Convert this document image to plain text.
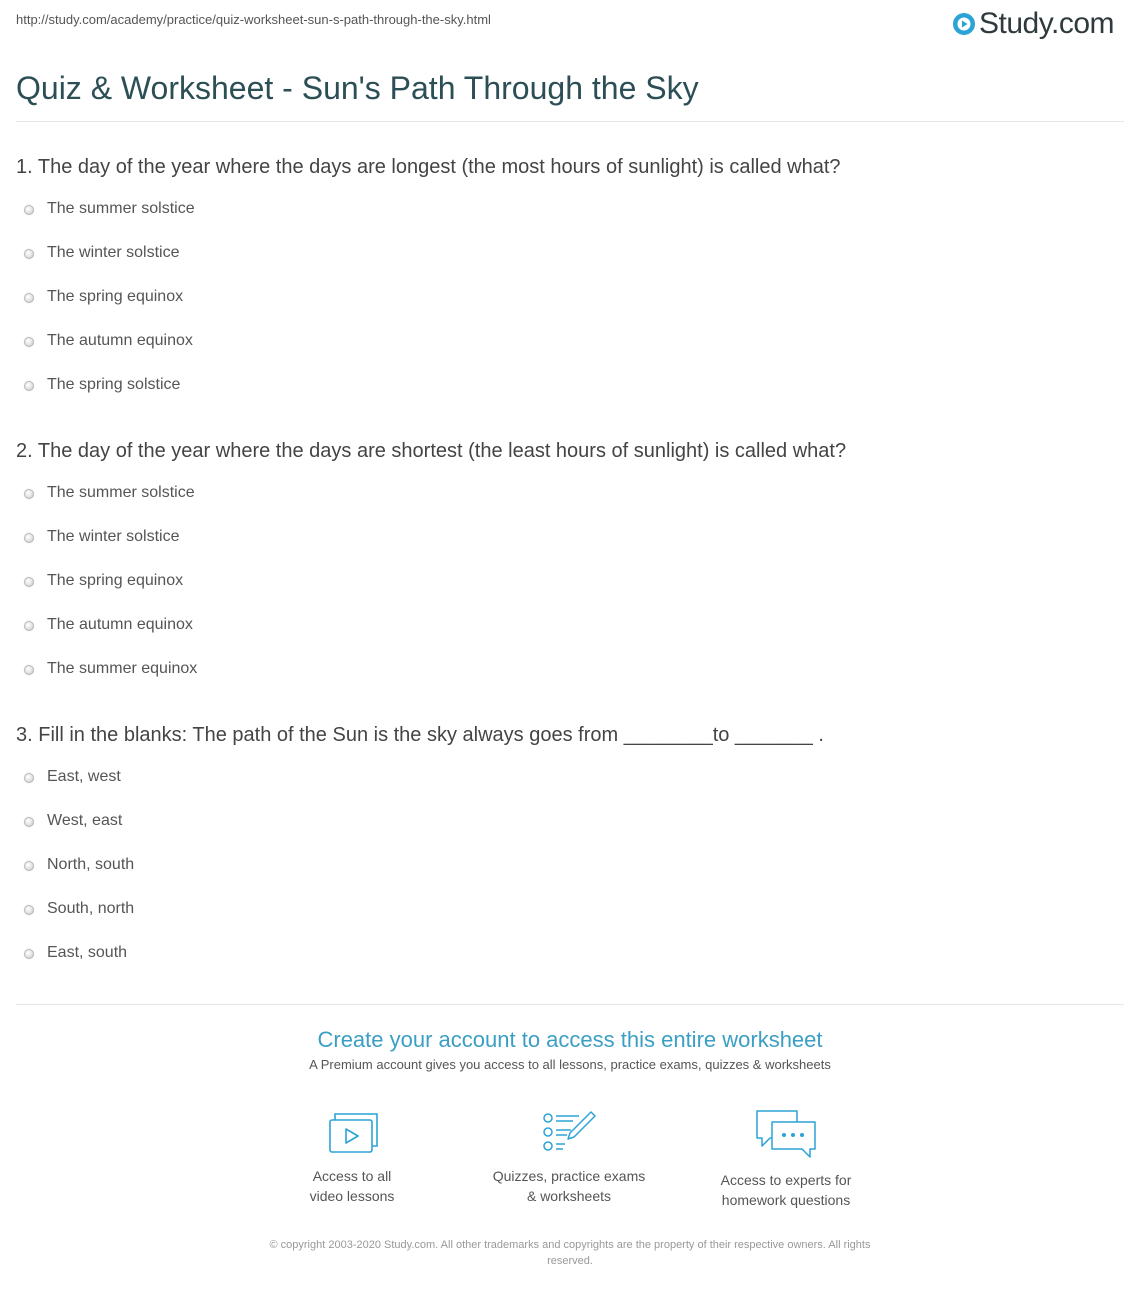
http://study.com/academy/practice/quiz-worksheet-sun-s-path-through-the-sky.html	Study.com
Quiz & Worksheet - Sun's Path Through the Sky
1. The day of the year where the days are longest (the most hours of sunlight) is called what?
The summer solstice
The winter solstice
The spring equinox
The autumn equinox
The spring solstice
2. The day of the year where the days are shortest (the least hours of sunlight) is called what?
The summer solstice
The winter solstice
The spring equinox
The autumn equinox
The summer equinox
3. Fill in the blanks: The path of the Sun is the sky always goes from ________to _______ .
East, west
West, east
North, south
South, north
East, south
Create your account to access this entire worksheet
A Premium account gives you access to all lessons, practice exams, quizzes & worksheets
Access to all
video lessons
Quizzes, practice exams
& worksheets
Access to experts for
homework questions
© copyright 2003-2020 Study.com. All other trademarks and copyrights are the property of their respective owners. All rights
reserved.
